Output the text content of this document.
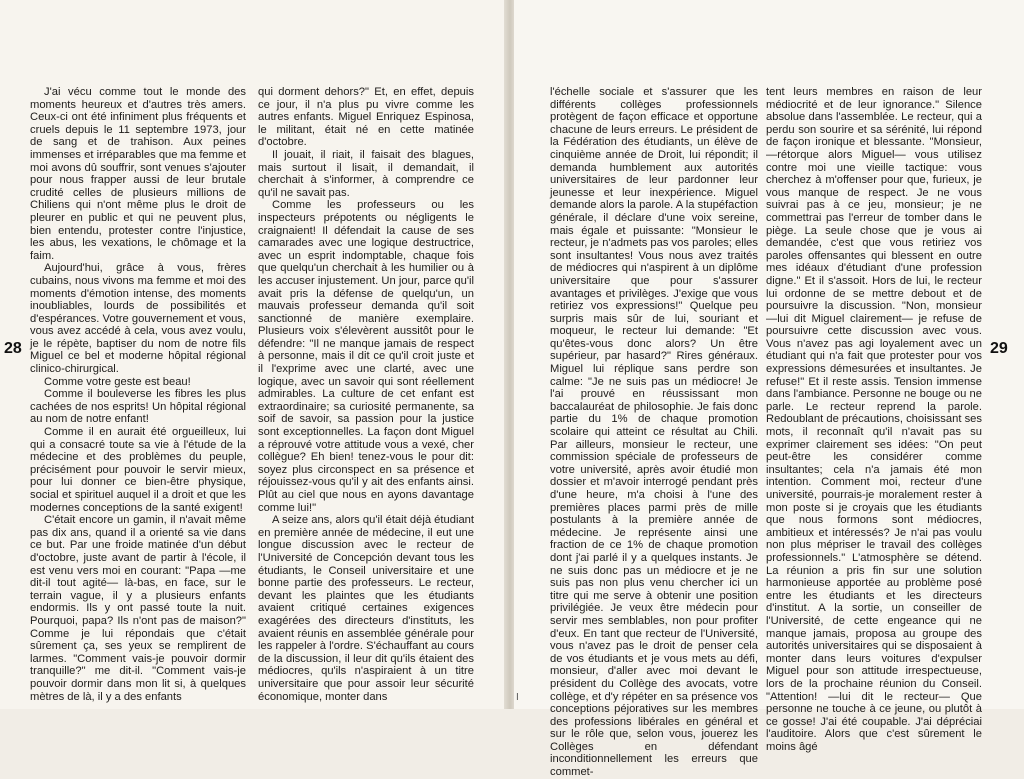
J'ai vécu comme tout le monde des moments heureux et d'autres très amers. Ceux-ci ont été infiniment plus fréquents et cruels depuis le 11 septembre 1973, jour de sang et de trahison. Aux peines immenses et irréparables que ma femme et moi avons dû souffrir, sont venues s'ajouter pour nous frapper aussi de leur brutale crudité celles de plusieurs millions de Chiliens qui n'ont même plus le droit de pleurer en public et qui ne peuvent plus, bien entendu, protester contre l'injustice, les abus, les vexations, le chômage et la faim.

Aujourd'hui, grâce à vous, frères cubains, nous vivons ma femme et moi des moments d'émotion intense, des moments inoubliables, lourds de possibilités et d'espérances. Votre gouvernement et vous, vous avez accédé à cela, vous avez voulu, je le répète, baptiser du nom de notre fils Miguel ce bel et moderne hôpital régional clinico-chirurgical.

Comme votre geste est beau!

Comme il bouleverse les fibres les plus cachées de nos esprits! Un hôpital régional au nom de notre enfant!

Comme il en aurait été orgueilleux, lui qui a consacré toute sa vie à l'étude de la médecine et des problèmes du peuple, précisément pour pouvoir le servir mieux, pour lui donner ce bien-être physique, social et spirituel auquel il a droit et que les modernes conceptions de la santé exigent!

C'était encore un gamin, il n'avait même pas dix ans, quand il a orienté sa vie dans ce but. Par une froide matinée d'un début d'octobre, juste avant de partir à l'école, il est venu vers moi en courant: "Papa —me dit-il tout agité— là-bas, en face, sur le terrain vague, il y a plusieurs enfants endormis. Ils y ont passé toute la nuit. Pourquoi, papa? Ils n'ont pas de maison?" Comme je lui répondais que c'était sûrement ça, ses yeux se remplirent de larmes. "Comment vais-je pouvoir dormir tranquille?" me dit-il. "Comment vais-je pouvoir dormir dans mon lit si, à quelques mètres de là, il y a des enfants

qui dorment dehors?" Et, en effet, depuis ce jour, il n'a plus pu vivre comme les autres enfants. Miguel Enriquez Espinosa, le militant, était né en cette matinée d'octobre.

Il jouait, il riait, il faisait des blagues, mais surtout il lisait, il demandait, il cherchait à s'informer, à comprendre ce qu'il ne savait pas.

Comme les professeurs ou les inspecteurs prépotents ou négligents le craignaient! Il défendait la cause de ses camarades avec une logique destructrice, avec un esprit indomptable, chaque fois que quelqu'un cherchait à les humilier ou à les accuser injustement. Un jour, parce qu'il avait pris la défense de quelqu'un, un mauvais professeur demanda qu'il soit sanctionné de manière exemplaire. Plusieurs voix s'élevèrent aussitôt pour le défendre: "Il ne manque jamais de respect à personne, mais il dit ce qu'il croit juste et il l'exprime avec une clarté, avec une logique, avec un savoir qui sont réellement admirables. La culture de cet enfant est extraordinaire; sa curiosité permanente, sa soif de savoir, sa passion pour la justice sont exceptionnelles. La façon dont Miguel a réprouvé votre attitude vous a vexé, cher collègue? Eh bien! tenez-vous le pour dit: soyez plus circonspect en sa présence et réjouissez-vous qu'il y ait des enfants ainsi. Plût au ciel que nous en ayons davantage comme lui!"

A seize ans, alors qu'il était déjà étudiant en première année de médecine, il eut une longue discussion avec le recteur de l'Université de Concepción devant tous les étudiants, le Conseil universitaire et une bonne partie des professeurs. Le recteur, devant les plaintes que les étudiants avaient critiqué certaines exigences exagérées des directeurs d'instituts, les avaient réunis en assemblée générale pour les rappeler à l'ordre. S'échauffant au cours de la discussion, il leur dit qu'ils étaient des médiocres, qu'ils n'aspiraient à un titre universitaire que pour assoir leur sécurité économique, monter dans

28

l'échelle sociale et s'assurer que les différents collèges professionnels protègent de façon efficace et opportune chacune de leurs erreurs. Le président de la Fédération des étudiants, un élève de cinquième année de Droit, lui répondit; il demanda humblement aux autorités universitaires de leur pardonner leur jeunesse et leur inexpérience. Miguel demande alors la parole. A la stupéfaction générale, il déclare d'une voix sereine, mais égale et puissante: "Monsieur le recteur, je n'admets pas vos paroles; elles sont insultantes! Vous nous avez traités de médiocres qui n'aspirent à un diplôme universitaire que pour s'assurer avantages et privilèges. J'exige que vous retiriez vos expressions!" Quelque peu surpris mais sûr de lui, souriant et moqueur, le recteur lui demande: "Et qu'êtes-vous donc alors? Un être supérieur, par hasard?" Rires généraux. Miguel lui réplique sans perdre son calme: "Je ne suis pas un médiocre! Je l'ai prouvé en réussissant mon baccalauréat de philosophie. Je fais donc partie du 1% de chaque promotion scolaire qui atteint ce résultat au Chili. Par ailleurs, monsieur le recteur, une commission spéciale de professeurs de votre université, après avoir étudié mon dossier et m'avoir interrogé pendant près d'une heure, m'a choisi à l'une des premières places parmi près de mille postulants à la première année de médecine. Je représente ainsi une fraction de ce 1% de chaque promotion dont j'ai parlé il y a quelques instants. Je ne suis donc pas un médiocre et je ne suis pas non plus venu chercher ici un titre qui me serve à obtenir une position privilégiée. Je veux être médecin pour servir mes semblables, non pour profiter d'eux. En tant que recteur de l'Université, vous n'avez pas le droit de penser cela de vos étudiants et je vous mets au défi, monsieur, d'aller avec moi devant le président du Collège des avocats, votre collège, et d'y répéter en sa présence vos conceptions péjoratives sur les membres des professions libérales en général et sur le rôle que, selon vous, jouerez les Collèges en défendant inconditionnellement les erreurs que commet-

tent leurs membres en raison de leur médiocrité et de leur ignorance." Silence absolue dans l'assemblée. Le recteur, qui a perdu son sourire et sa sérénité, lui répond de façon ironique et blessante. "Monsieur, —rétorque alors Miguel— vous utilisez contre moi une vieille tactique: vous cherchez à m'offenser pour que, furieux, je vous manque de respect. Je ne vous suivrai pas à ce jeu, monsieur; je ne commettrai pas l'erreur de tomber dans le piège. La seule chose que je vous ai demandée, c'est que vous retiriez vos paroles offensantes qui blessent en outre mes idéaux d'étudiant d'une profession digne." Et il s'assoit. Hors de lui, le recteur lui ordonne de se mettre debout et de poursuivre la discussion. "Non, monsieur —lui dit Miguel clairement— je refuse de poursuivre cette discussion avec vous. Vous n'avez pas agi loyalement avec un étudiant qui n'a fait que protester pour vos expressions démesurées et insultantes. Je refuse!" Et il reste assis. Tension immense dans l'ambiance. Personne ne bouge ou ne parle. Le recteur reprend la parole. Redoublant de précautions, choisissant ses mots, il reconnaît qu'il n'avait pas su exprimer clairement ses idées: "On peut peut-être les considérer comme insultantes; cela n'a jamais été mon intention. Comment moi, recteur d'une université, pourrais-je moralement rester à mon poste si je croyais que les étudiants que nous formons sont médiocres, ambitieux et intéressés? Je n'ai pas voulu non plus mépriser le travail des collèges professionnels." L'atmosphère se détend. La réunion a pris fin sur une solution harmonieuse apportée au problème posé entre les étudiants et les directeurs d'institut. A la sortie, un conseiller de l'Université, de cette engeance qui ne manque jamais, proposa au groupe des autorités universitaires qui se disposaient à monter dans leurs voitures d'expulser Miguel pour son attitude irrespectueuse, lors de la prochaine réunion du Conseil. "Attention! —lui dit le recteur— Que personne ne touche à ce jeune, ou plutôt à ce gosse! J'ai été coupable. J'ai dépréciai l'auditoire. Alors que c'est sûrement le moins âgé

29
I
